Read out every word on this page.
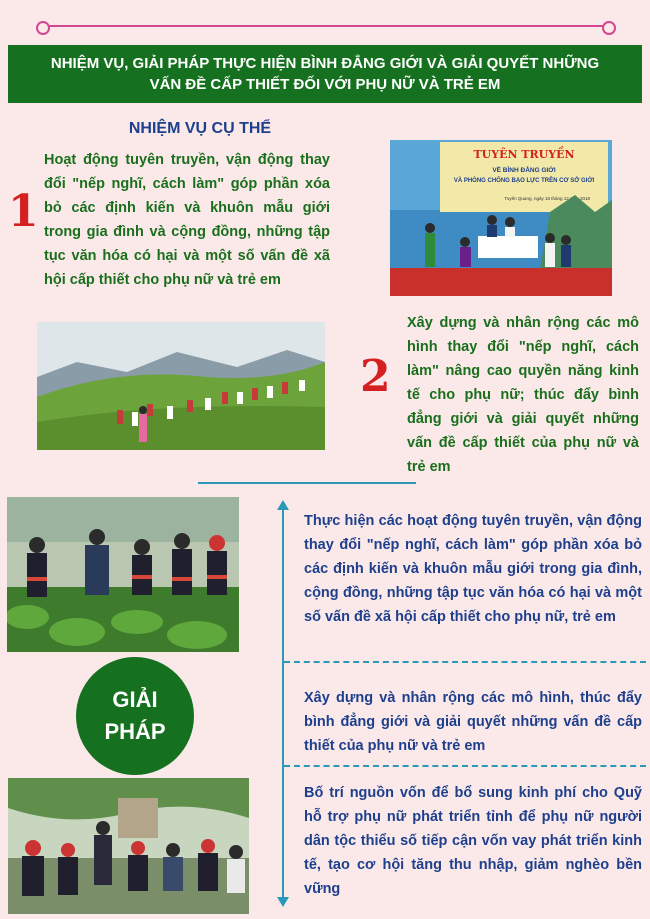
NHIỆM VỤ, GIẢI PHÁP THỰC HIỆN BÌNH ĐẲNG GIỚI VÀ GIẢI QUYẾT NHỮNG
VẤN ĐỀ CẤP THIẾT ĐỐI VỚI PHỤ NỮ VÀ TRẺ EM
NHIỆM VỤ CỤ THỂ
1
Hoạt động tuyên truyền, vận động thay đổi "nếp nghĩ, cách làm" góp phần xóa bỏ các định kiến và khuôn mẫu giới trong gia đình và cộng đồng, những tập tục văn hóa có hại và một số vấn đề xã hội cấp thiết cho phụ nữ và trẻ em
TUYÊN TRUYỀN
VỀ BÌNH ĐẲNG GIỚI
VÀ PHÒNG CHỐNG BẠO LỰC TRÊN CƠ SỞ GIỚI
Tuyên Quang, ngày 16 tháng 12 năm 2018
2
Xây dựng và nhân rộng các mô hình thay đổi "nếp nghĩ, cách làm" nâng cao quyền năng kinh tế cho phụ nữ; thúc đẩy bình đẳng giới và giải quyết những vấn đề cấp thiết của phụ nữ và trẻ em
GIẢI
PHÁP
Thực hiện các hoạt động tuyên truyền, vận động thay đổi "nếp nghĩ, cách làm" góp phần xóa bỏ các định kiến và khuôn mẫu giới trong gia đình, cộng đồng, những tập tục văn hóa có hại và một số vấn đề xã hội cấp thiết cho phụ nữ, trẻ em
Xây dựng và nhân rộng các mô hình, thúc đẩy bình đẳng giới và giải quyết những vấn đề cấp thiết của phụ nữ và trẻ em
Bố trí nguồn vốn để bổ sung kinh phí cho Quỹ hỗ trợ phụ nữ phát triển tỉnh để phụ nữ người dân tộc thiểu số tiếp cận vốn vay phát triển kinh tế, tạo cơ hội tăng thu nhập, giảm nghèo bền vững
